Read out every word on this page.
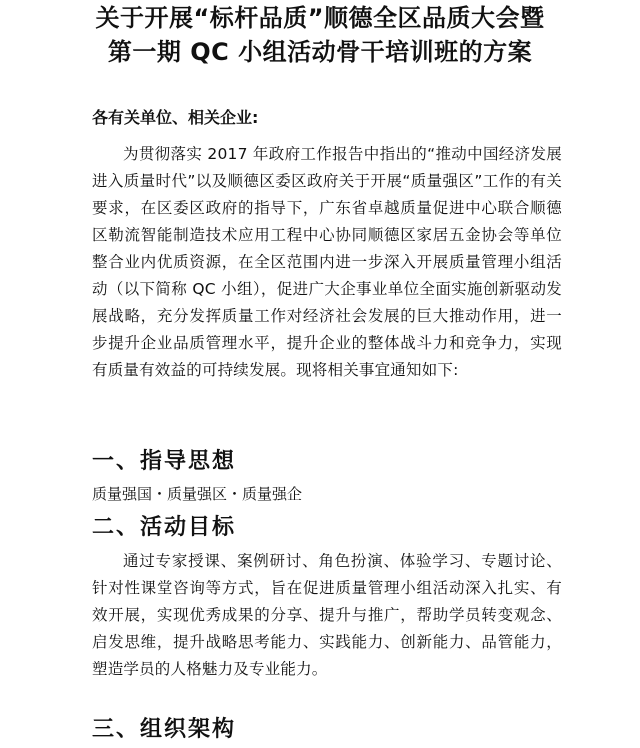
关于开展“标杆品质”顺德全区品质大会暨
第一期 QC 小组活动骨干培训班的方案
各有关单位、相关企业:

为贯彻落实 2017 年政府工作报告中指出的“推动中国经济发展进入质量时代”以及顺德区委区政府关于开展“质量强区”工作的有关要求，在区委区政府的指导下，广东省卓越质量促进中心联合顺德区勒流智能制造技术应用工程中心协同顺德区家居五金协会等单位整合业内优质资源，在全区范围内进一步深入开展质量管理小组活动（以下简称 QC 小组），促进广大企事业单位全面实施创新驱动发展战略，充分发挥质量工作对经济社会发展的巨大推动作用，进一步提升企业品质管理水平，提升企业的整体战斗力和竞争力，实现有质量有效益的可持续发展。现将相关事宜通知如下:

一、指导思想
质量强国・质量强区・质量强企
二、活动目标

通过专家授课、案例研讨、角色扮演、体验学习、专题讨论、针对性课堂咨询等方式，旨在促进质量管理小组活动深入扎实、有效开展，实现优秀成果的分享、提升与推广，帮助学员转变观念、启发思维，提升战略思考能力、实践能力、创新能力、品管能力，塑造学员的人格魅力及专业能力。

三、组织架构
